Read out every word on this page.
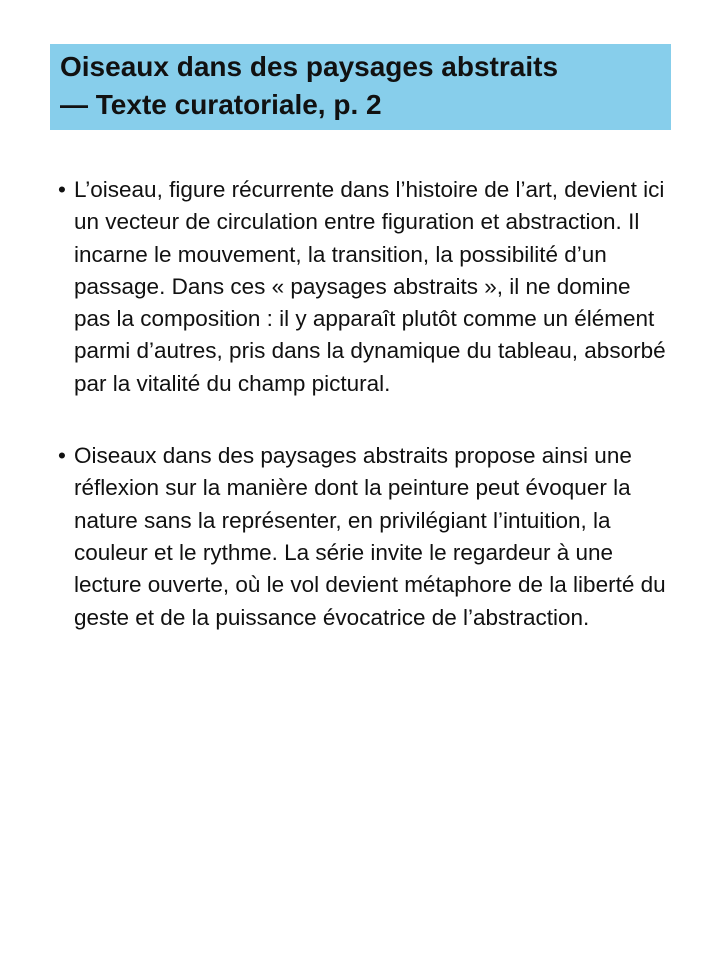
Oiseaux dans des paysages abstraits
— Texte curatoriale, p. 2
• L’oiseau, figure récurrente dans l’histoire de l’art, devient ici un vecteur de circulation entre figuration et abstraction. Il incarne le mouvement, la transition, la possibilité d’un passage. Dans ces « paysages abstraits », il ne domine pas la composition : il y apparaît plutôt comme un élément parmi d’autres, pris dans la dynamique du tableau, absorbé par la vitalité du champ pictural.

• Oiseaux dans des paysages abstraits propose ainsi une réflexion sur la manière dont la peinture peut évoquer la nature sans la représenter, en privilégiant l’intuition, la couleur et le rythme. La série invite le regardeur à une lecture ouverte, où le vol devient métaphore de la liberté du geste et de la puissance évocatrice de l’abstraction.
